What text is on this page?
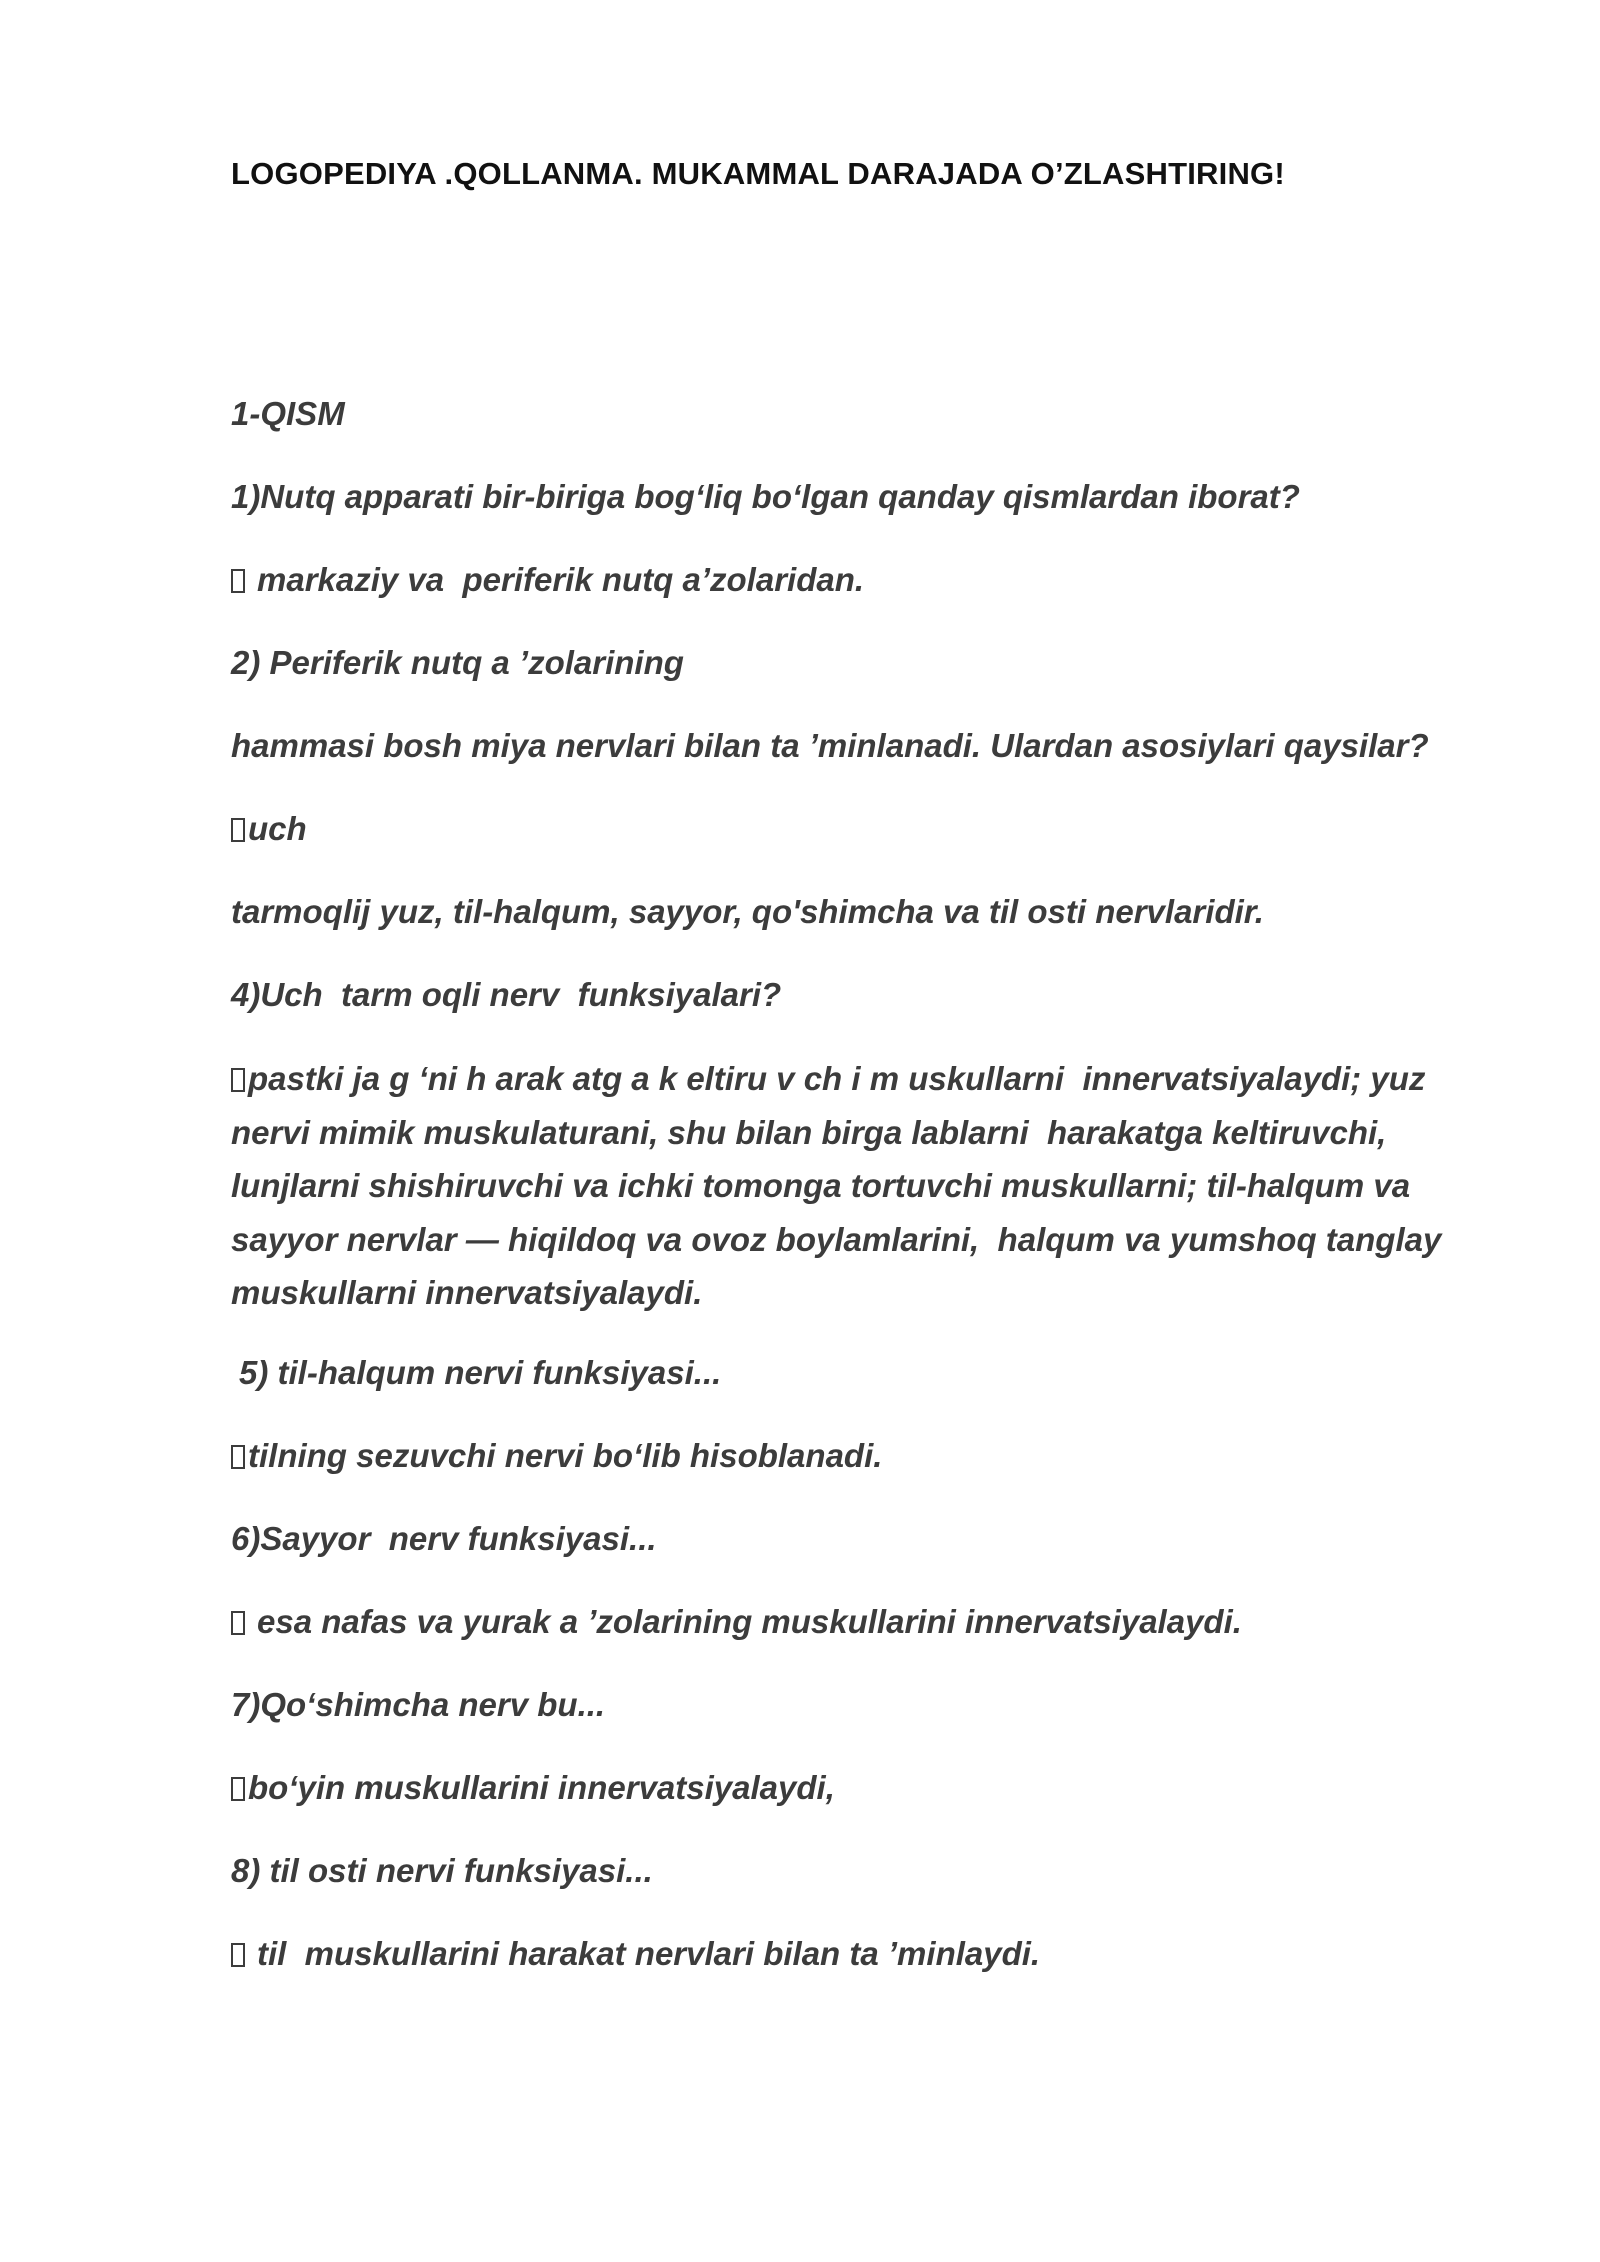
LOGOPEDIYA .QOLLANMA. MUKAMMAL DARAJADA O’ZLASHTIRING!
1-QISM
1)Nutq apparati bir-biriga bog‘liq bo‘lgan qanday qismlardan iborat?
markaziy va  periferik nutq a’zolaridan.
2) Periferik nutq a ’zolarining
hammasi bosh miya nervlari bilan ta ’minlanadi. Ulardan asosiylari qaysilar?
uch
tarmoqlij yuz, til-halqum, sayyor, qo'shimcha va til osti nervlaridir.
4)Uch  tarm oqli nerv  funksiyalari?
pastki ja g ‘ni h arak atg a k eltiru v ch i m uskullarni  innervatsiyalaydi; yuz nervi mimik muskulaturani, shu bilan birga lablarni  harakatga keltiruvchi, lunjlarni shishiruvchi va ichki tomonga tortuvchi muskullarni; til-halqum va sayyor nervlar — hiqildoq va ovoz boylamlarini,  halqum va yumshoq tanglay muskullarni innervatsiyalaydi.
5) til-halqum nervi funksiyasi...
tilning sezuvchi nervi bo‘lib hisoblanadi.
6)Sayyor  nerv funksiyasi...
esa nafas va yurak a ’zolarining muskullarini innervatsiyalaydi.
7)Qo‘shimcha nerv bu...
bo‘yin muskullarini innervatsiyalaydi,
8) til osti nervi funksiyasi...
til  muskullarini harakat nervlari bilan ta ’minlaydi.
